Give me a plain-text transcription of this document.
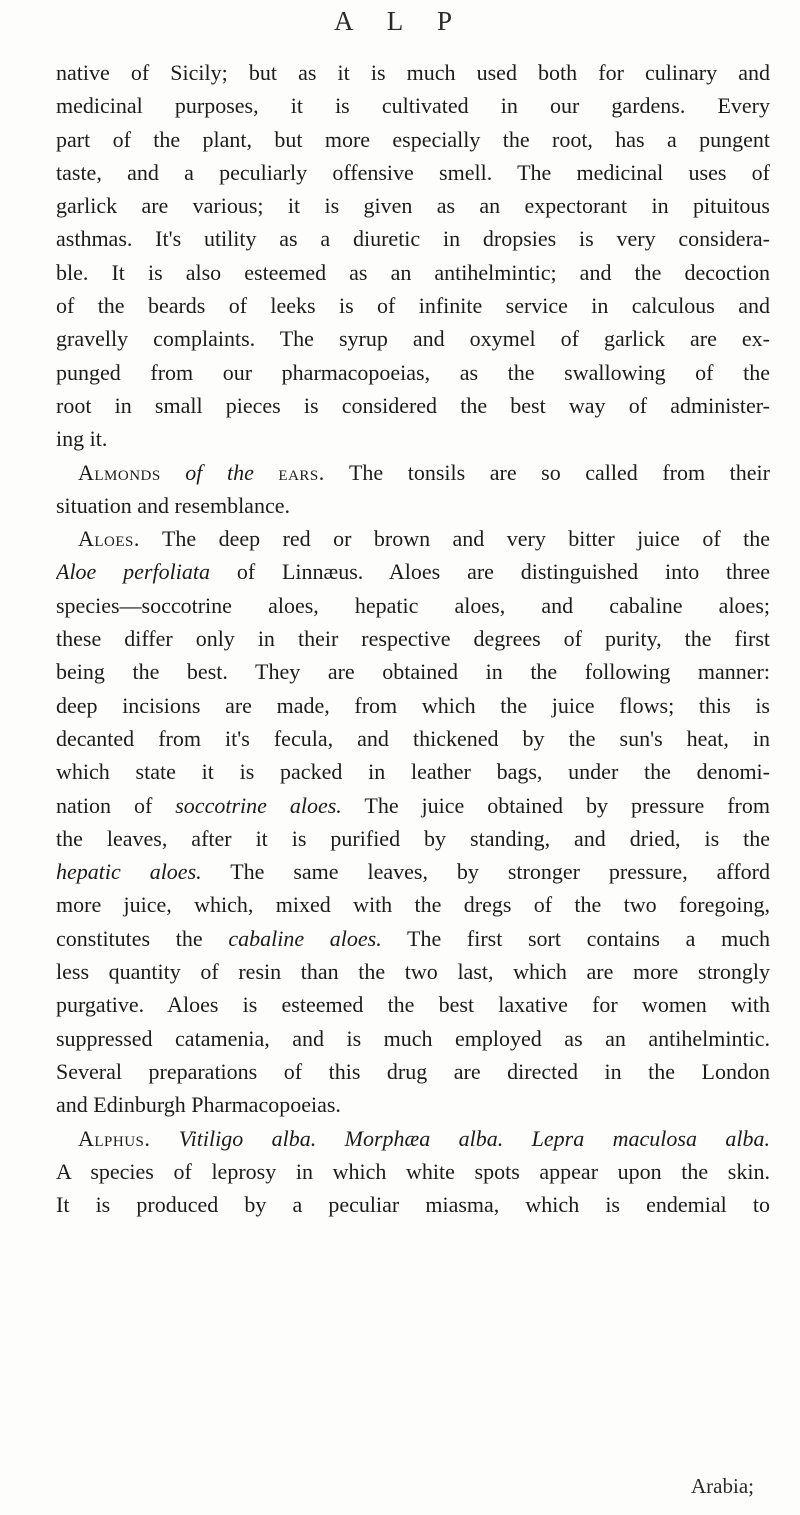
A L P
native of Sicily; but as it is much used both for culinary and
medicinal purposes, it is cultivated in our gardens. Every
part of the plant, but more especially the root, has a pungent
taste, and a peculiarly offensive smell. The medicinal uses of
garlick are various; it is given as an expectorant in pituitous
asthmas. It's utility as a diuretic in dropsies is very considera-
ble. It is also esteemed as an antihelmintic; and the decoction
of the beards of leeks is of infinite service in calculous and
gravelly complaints. The syrup and oxymel of garlick are ex-
punged from our pharmacopoeias, as the swallowing of the
root in small pieces is considered the best way of administer-
ing it.
Almonds of the ears. The tonsils are so called from their
situation and resemblance.
Aloes. The deep red or brown and very bitter juice of the
Aloe perfoliata of Linnæus. Aloes are distinguished into three
species—soccotrine aloes, hepatic aloes, and cabaline aloes;
these differ only in their respective degrees of purity, the first
being the best. They are obtained in the following manner:
deep incisions are made, from which the juice flows; this is
decanted from it's fecula, and thickened by the sun's heat, in
which state it is packed in leather bags, under the denomi-
nation of soccotrine aloes. The juice obtained by pressure from
the leaves, after it is purified by standing, and dried, is the
hepatic aloes. The same leaves, by stronger pressure, afford
more juice, which, mixed with the dregs of the two foregoing,
constitutes the cabaline aloes. The first sort contains a much
less quantity of resin than the two last, which are more strongly
purgative. Aloes is esteemed the best laxative for women with
suppressed catamenia, and is much employed as an antihelmintic.
Several preparations of this drug are directed in the London
and Edinburgh Pharmacopoeias.
Alphus. Vitiligo alba. Morphæa alba. Lepra maculosa alba.
A species of leprosy in which white spots appear upon the skin.
It is produced by a peculiar miasma, which is endemial to
Arabia;
